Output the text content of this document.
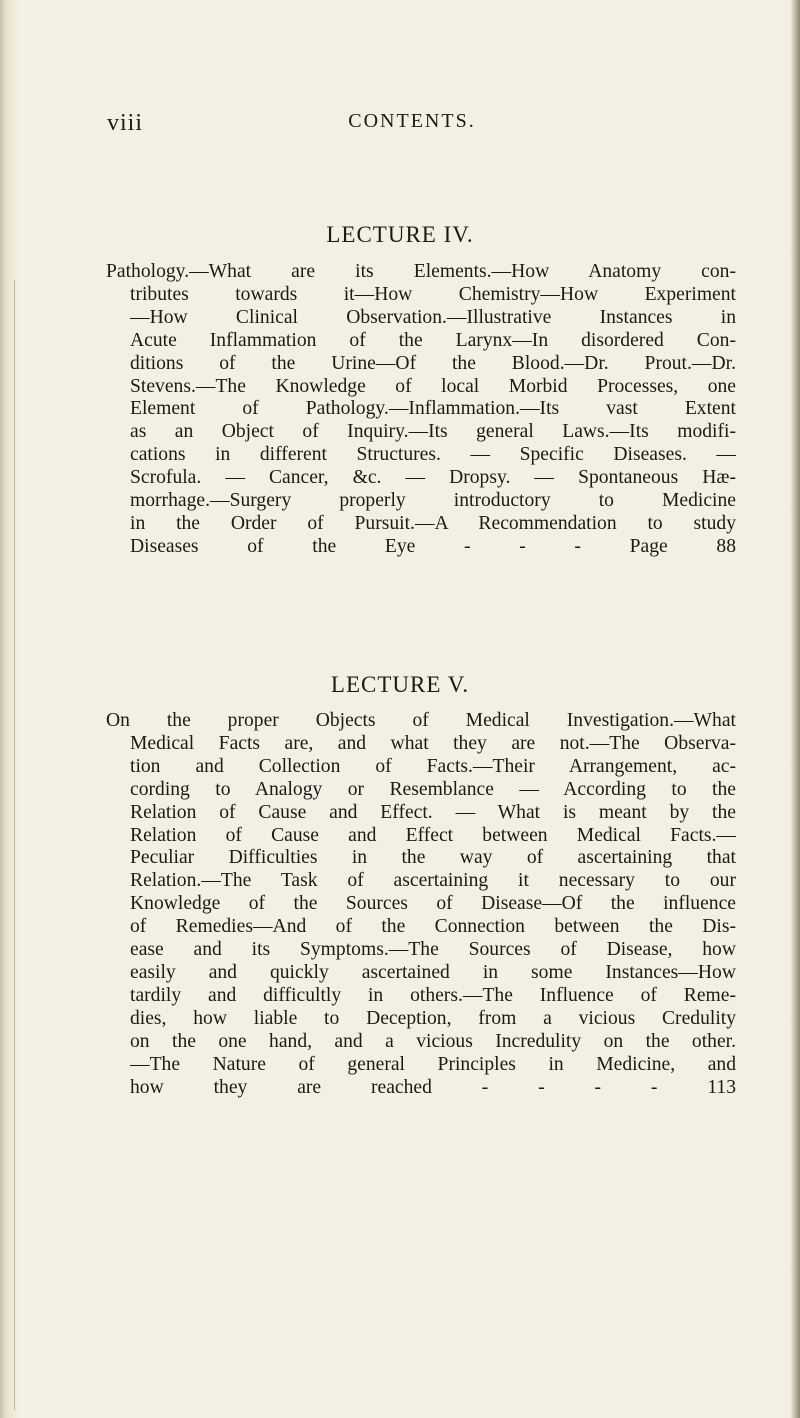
viii	CONTENTS.
LECTURE IV.
Pathology.—What are its Elements.—How Anatomy con-
tributes towards it—How Chemistry—How Experiment
—How Clinical Observation.—Illustrative Instances in
Acute Inflammation of the Larynx—In disordered Con-
ditions of the Urine—Of the Blood.—Dr. Prout.—Dr.
Stevens.—The Knowledge of local Morbid Processes, one
Element of Pathology.—Inflammation.—Its vast Extent
as an Object of Inquiry.—Its general Laws.—Its modifi-
cations in different Structures. — Specific Diseases. —
Scrofula. — Cancer, &c. — Dropsy. — Spontaneous Hæ-
morrhage.—Surgery properly introductory to Medicine
in the Order of Pursuit.—A Recommendation to study
Diseases of the Eye - - - Page 88
LECTURE V.
On the proper Objects of Medical Investigation.—What
Medical Facts are, and what they are not.—The Observa-
tion and Collection of Facts.—Their Arrangement, ac-
cording to Analogy or Resemblance — According to the
Relation of Cause and Effect. — What is meant by the
Relation of Cause and Effect between Medical Facts.—
Peculiar Difficulties in the way of ascertaining that
Relation.—The Task of ascertaining it necessary to our
Knowledge of the Sources of Disease—Of the influence
of Remedies—And of the Connection between the Dis-
ease and its Symptoms.—The Sources of Disease, how
easily and quickly ascertained in some Instances—How
tardily and difficultly in others.—The Influence of Reme-
dies, how liable to Deception, from a vicious Credulity
on the one hand, and a vicious Incredulity on the other.
—The Nature of general Principles in Medicine, and
how they are reached - - - - 113
